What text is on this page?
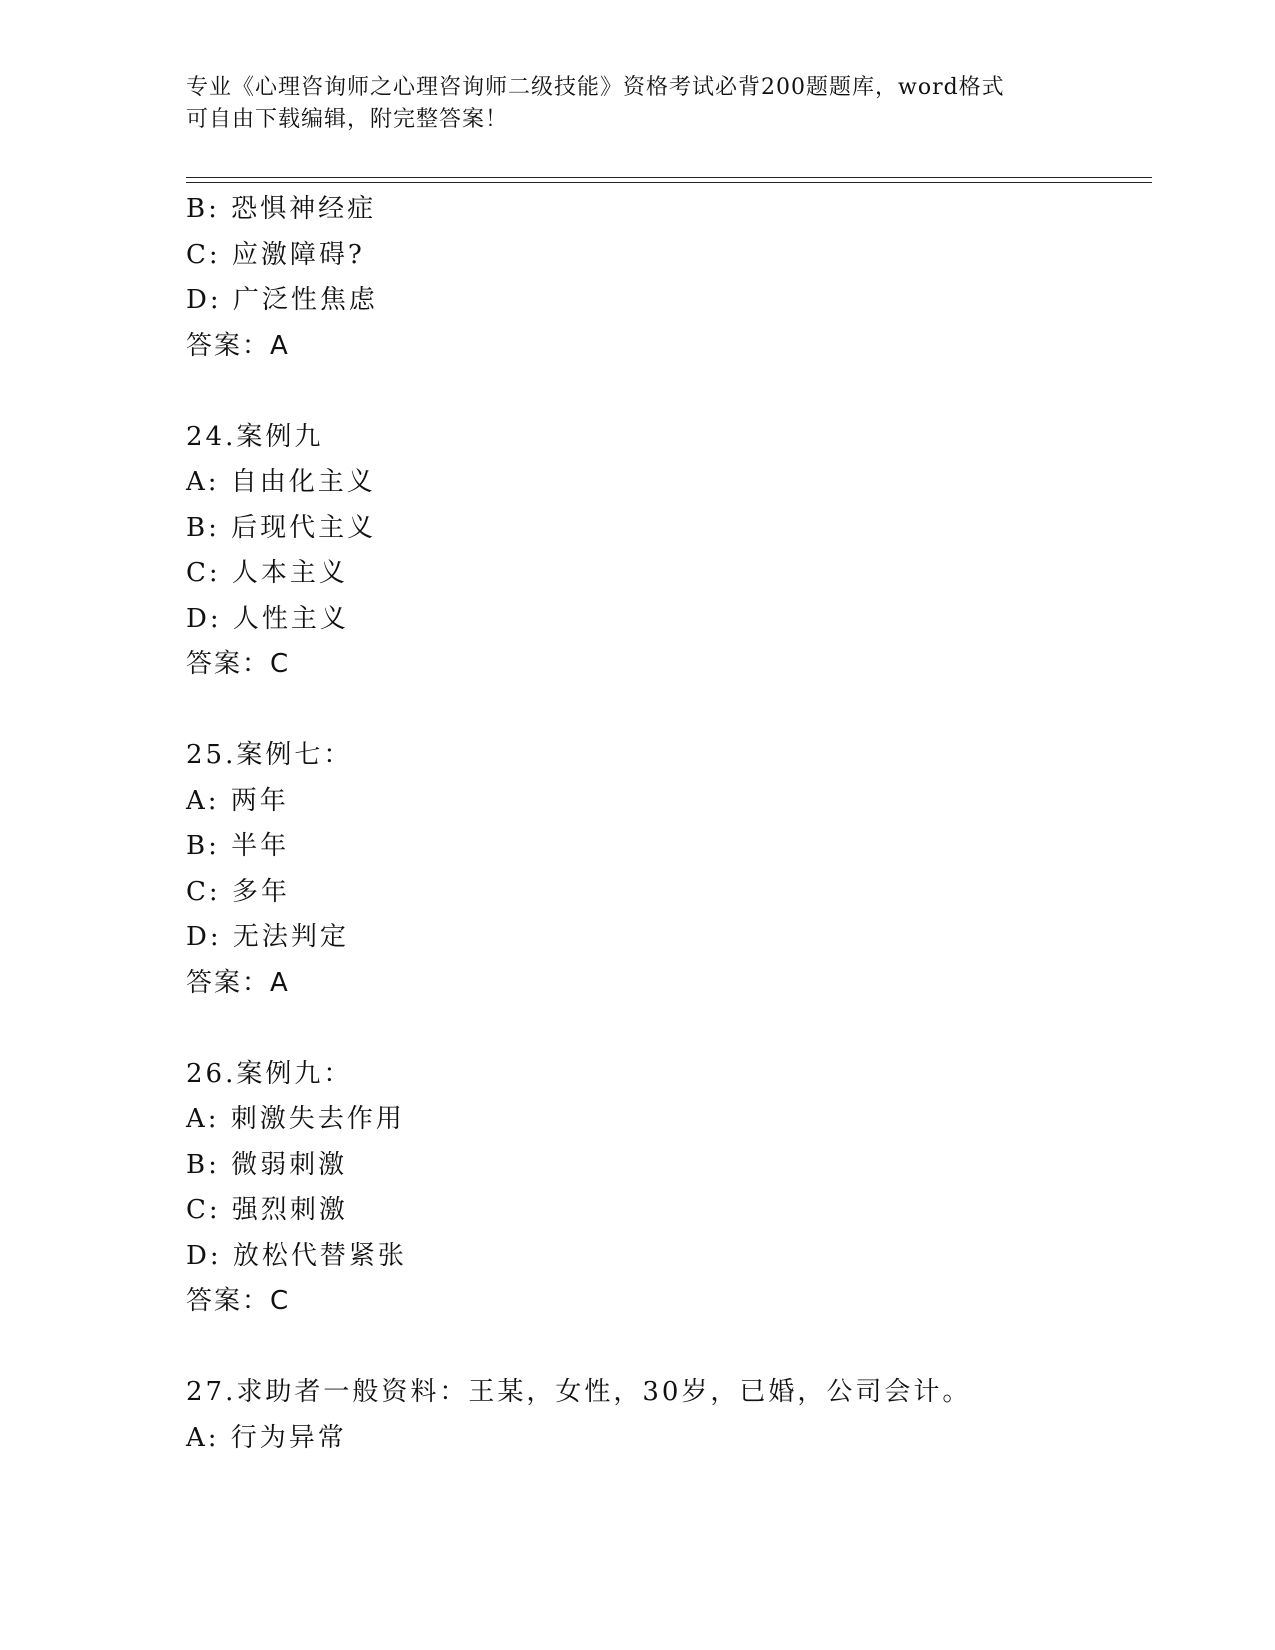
专业《心理咨询师之心理咨询师二级技能》资格考试必背200题题库，word格式
可自由下载编辑，附完整答案！
B: 恐惧神经症
C: 应激障碍?
D: 广泛性焦虑
答案：A
24.案例九
A: 自由化主义
B: 后现代主义
C: 人本主义
D: 人性主义
答案：C
25.案例七：
A: 两年
B: 半年
C: 多年
D: 无法判定
答案：A
26.案例九：
A: 刺激失去作用
B: 微弱刺激
C: 强烈刺激
D: 放松代替紧张
答案：C
27.求助者一般资料：王某，女性，30岁，已婚，公司会计。
A: 行为异常
